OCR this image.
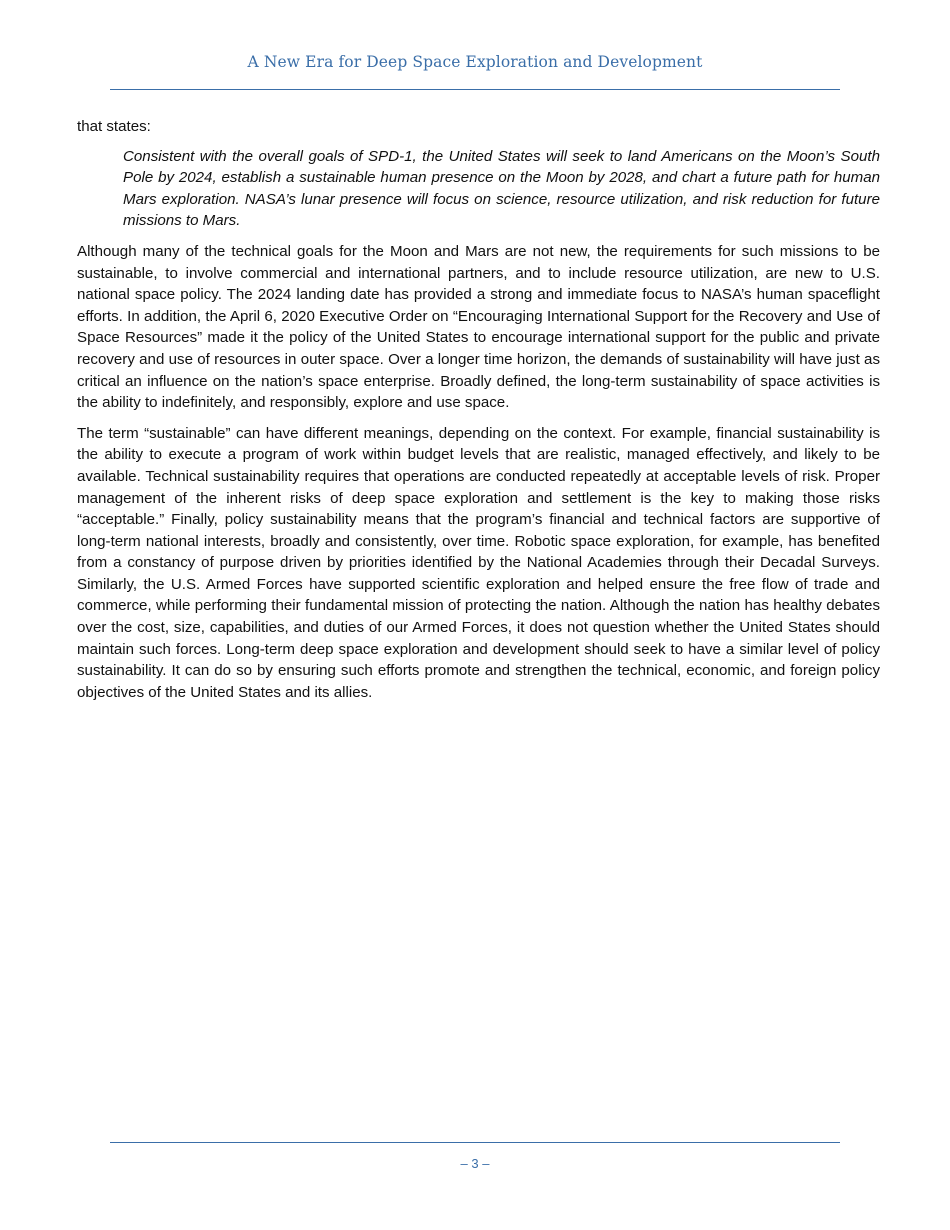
A New Era for Deep Space Exploration and Development

that states:

Consistent with the overall goals of SPD-1, the United States will seek to land Americans on the Moon’s South Pole by 2024, establish a sustainable human presence on the Moon by 2028, and chart a future path for human Mars exploration. NASA’s lunar presence will focus on science, resource utilization, and risk reduction for future missions to Mars.

Although many of the technical goals for the Moon and Mars are not new, the requirements for such missions to be sustainable, to involve commercial and international partners, and to include resource utilization, are new to U.S. national space policy. The 2024 landing date has provided a strong and immediate focus to NASA’s human spaceflight efforts. In addition, the April 6, 2020 Executive Order on “Encouraging International Support for the Recovery and Use of Space Resources” made it the policy of the United States to encourage international support for the public and private recovery and use of resources in outer space. Over a longer time horizon, the demands of sustainability will have just as critical an influence on the nation’s space enterprise. Broadly defined, the long-term sustainability of space activities is the ability to indefinitely, and responsibly, explore and use space.

The term “sustainable” can have different meanings, depending on the context. For example, financial sustainability is the ability to execute a program of work within budget levels that are realistic, managed effectively, and likely to be available. Technical sustainability requires that operations are conducted repeatedly at acceptable levels of risk. Proper management of the inherent risks of deep space exploration and settlement is the key to making those risks “acceptable.” Finally, policy sustainability means that the program’s financial and technical factors are supportive of long-term national interests, broadly and consistently, over time. Robotic space exploration, for example, has benefited from a constancy of purpose driven by priorities identified by the National Academies through their Decadal Surveys. Similarly, the U.S. Armed Forces have supported scientific exploration and helped ensure the free flow of trade and commerce, while performing their fundamental mission of protecting the nation. Although the nation has healthy debates over the cost, size, capabilities, and duties of our Armed Forces, it does not question whether the United States should maintain such forces. Long-term deep space exploration and development should seek to have a similar level of policy sustainability. It can do so by ensuring such efforts promote and strengthen the technical, economic, and foreign policy objectives of the United States and its allies.

– 3 –
